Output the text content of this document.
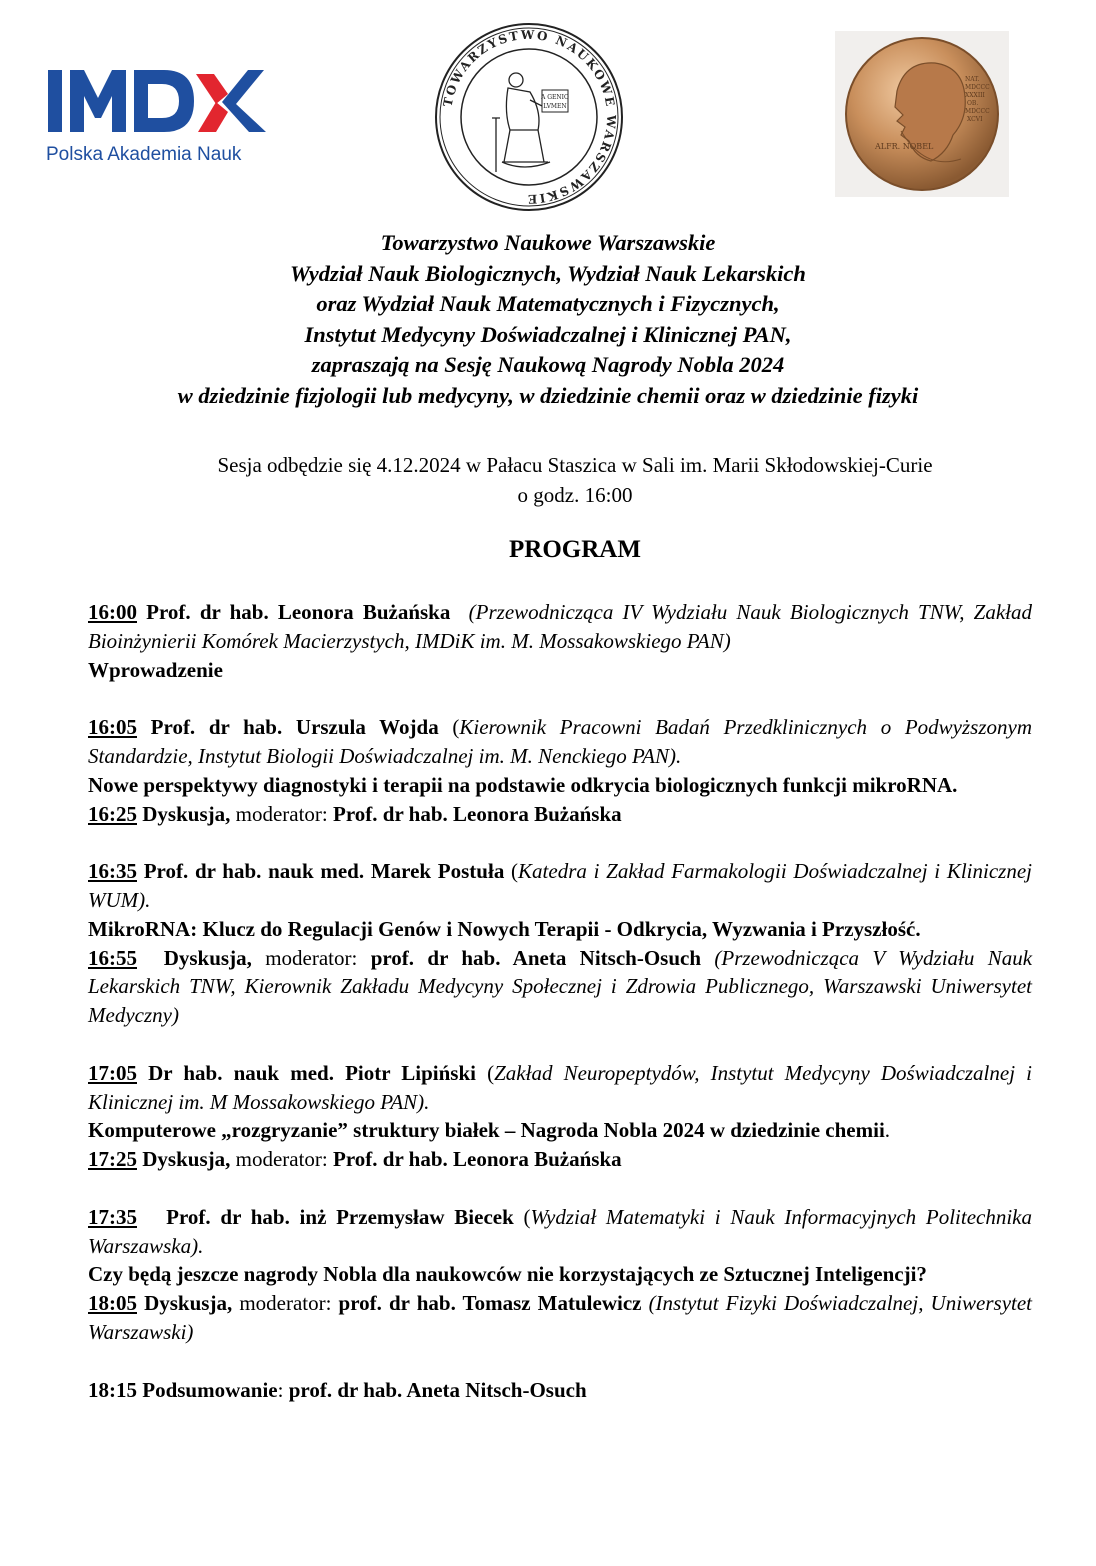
Polska Akademia Nauk
TOWARZYSTWO NAUKOWE WARSZAWSKIE
A GENIO
LVMEN
ALFR. NOBEL
NAT.
MDCCC
XXXIII
OB.
MDCCC
XCVI
Towarzystwo Naukowe Warszawskie
Wydział Nauk Biologicznych, Wydział Nauk Lekarskich
oraz Wydział Nauk Matematycznych i Fizycznych,
Instytut Medycyny Doświadczalnej i Klinicznej PAN,
zapraszają na Sesję Naukową Nagrody Nobla 2024
w dziedzinie fizjologii lub medycyny, w dziedzinie chemii oraz w dziedzinie fizyki
Sesja odbędzie się 4.12.2024 w Pałacu Staszica w Sali im. Marii Skłodowskiej-Curie
o godz. 16:00
PROGRAM
16:00 Prof. dr hab. Leonora Bużańska (Przewodnicząca IV Wydziału Nauk Biologicznych TNW, Zakład Bioinżynierii Komórek Macierzystych, IMDiK im. M. Mossakowskiego PAN)
Wprowadzenie
16:05 Prof. dr hab. Urszula Wojda (Kierownik Pracowni Badań Przedklinicznych o Podwyższonym Standardzie, Instytut Biologii Doświadczalnej im. M. Nenckiego PAN).
Nowe perspektywy diagnostyki i terapii na podstawie odkrycia biologicznych funkcji mikroRNA.
16:25 Dyskusja, moderator: Prof. dr hab. Leonora Bużańska
16:35 Prof. dr hab. nauk med. Marek Postuła (Katedra i Zakład Farmakologii Doświadczalnej i Klinicznej WUM).
MikroRNA: Klucz do Regulacji Genów i Nowych Terapii - Odkrycia, Wyzwania i Przyszłość.
16:55 Dyskusja, moderator: prof. dr hab. Aneta Nitsch-Osuch (Przewodnicząca V Wydziału Nauk Lekarskich TNW, Kierownik Zakładu Medycyny Społecznej i Zdrowia Publicznego, Warszawski Uniwersytet Medyczny)
17:05 Dr hab. nauk med. Piotr Lipiński (Zakład Neuropeptydów, Instytut Medycyny Doświadczalnej i Klinicznej im. M Mossakowskiego PAN).
Komputerowe „rozgryzanie” struktury białek – Nagroda Nobla 2024 w dziedzinie chemii.
17:25 Dyskusja, moderator: Prof. dr hab. Leonora Bużańska
17:35 Prof. dr hab. inż Przemysław Biecek (Wydział Matematyki i Nauk Informacyjnych Politechnika Warszawska).
Czy będą jeszcze nagrody Nobla dla naukowców nie korzystających ze Sztucznej Inteligencji?
18:05 Dyskusja, moderator: prof. dr hab. Tomasz Matulewicz (Instytut Fizyki Doświadczalnej, Uniwersytet Warszawski)
18:15 Podsumowanie: prof. dr hab. Aneta Nitsch-Osuch
